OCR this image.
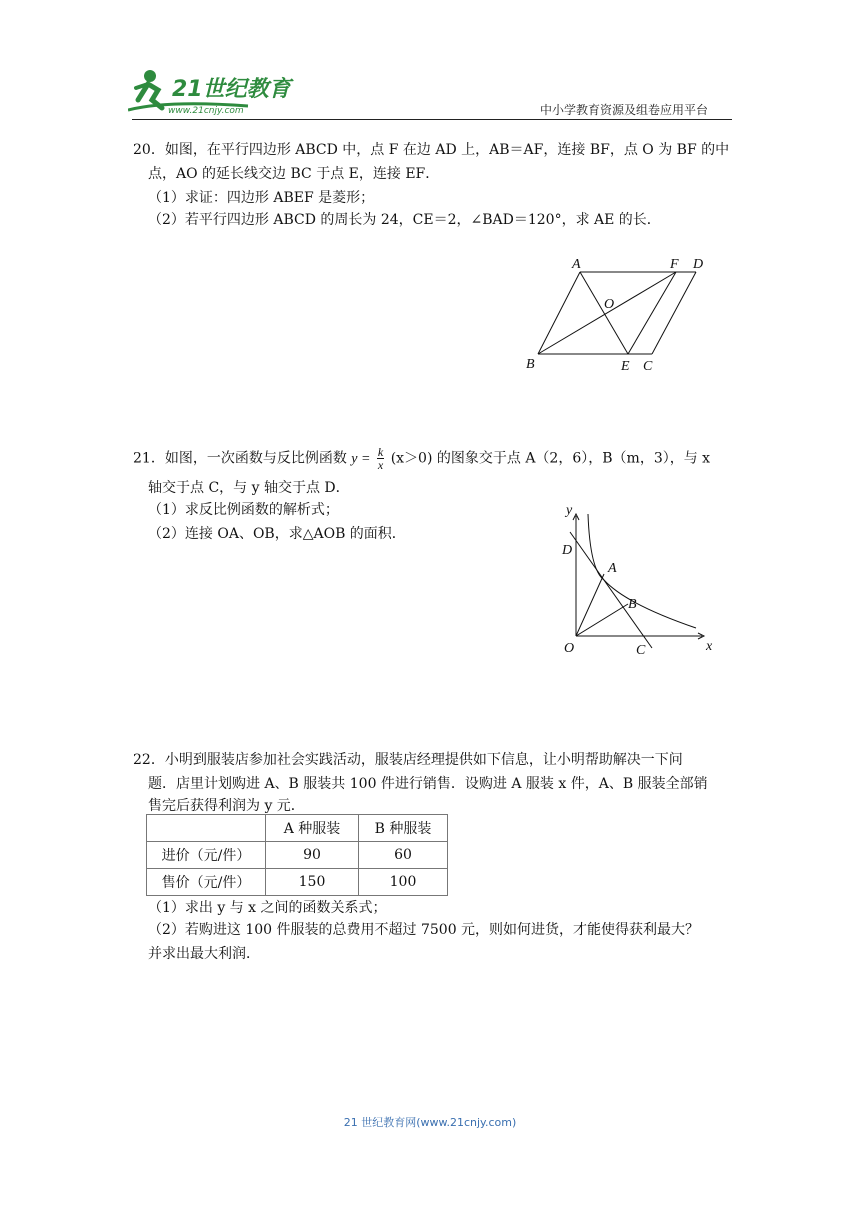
21世纪教育
www.21cnjy.com	中小学教育资源及组卷应用平台
20．如图，在平行四边形 ABCD 中，点 F 在边 AD 上，AB＝AF，连接 BF，点 O 为 BF 的中
点，AO 的延长线交边 BC 于点 E，连接 EF．
（1）求证：四边形 ABEF 是菱形；
（2）若平行四边形 ABCD 的周长为 24，CE＝2，∠BAD＝120°，求 AE 的长．
A	F D
O
B	E C
21．如图，一次函数与反比例函数 $y = \frac{k}{x} (x>0)$ 的图象交于点 A（2，6），B（m，3），与 x
轴交于点 C，与 y 轴交于点 D．
（1）求反比例函数的解析式；
（2）连接 OA、OB，求△AOB 的面积．
y
D
A
B
O	C	x
22．小明到服装店参加社会实践活动，服装店经理提供如下信息，让小明帮助解决一下问
题．店里计划购进 A、B 服装共 100 件进行销售．设购进 A 服装 x 件，A、B 服装全部销
售完后获得利润为 y 元．
	A 种服装	B 种服装
进价（元/件）	90	60
售价（元/件）	150	100
（1）求出 y 与 x 之间的函数关系式；
（2）若购进这 100 件服装的总费用不超过 7500 元，则如何进货，才能使得获利最大？
并求出最大利润．
21 世纪教育网(www.21cnjy.com)
